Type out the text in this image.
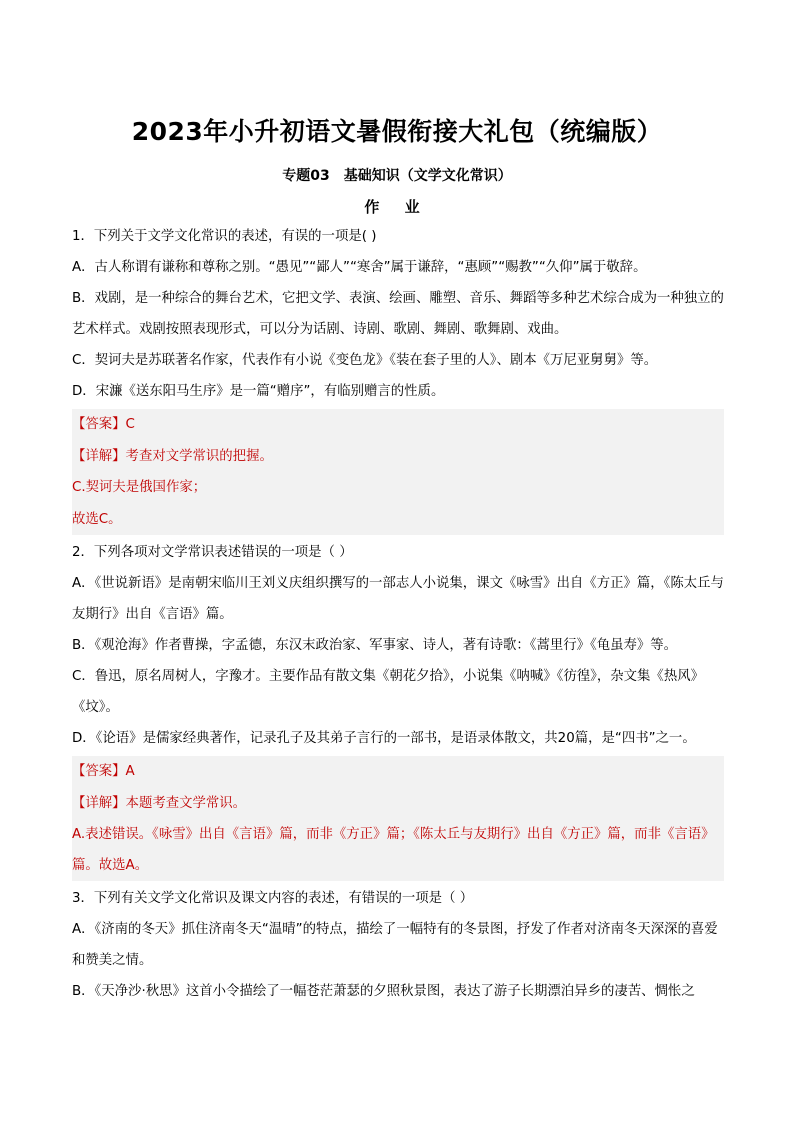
2023年小升初语文暑假衔接大礼包（统编版）
专题03 基础知识（文学文化常识）
作 业
1．下列关于文学文化常识的表述，有误的一项是( )
A．古人称谓有谦称和尊称之别。“愚见”“鄙人”“寒舍”属于谦辞，“惠顾”“赐教”“久仰”属于敬辞。
B．戏剧，是一种综合的舞台艺术，它把文学、表演、绘画、雕塑、音乐、舞蹈等多种艺术综合成为一种独立的艺术样式。戏剧按照表现形式，可以分为话剧、诗剧、歌剧、舞剧、歌舞剧、戏曲。
C．契诃夫是苏联著名作家，代表作有小说《变色龙》《装在套子里的人》、剧本《万尼亚舅舅》等。
D．宋濂《送东阳马生序》是一篇“赠序”，有临别赠言的性质。
【答案】C
【详解】考查对文学常识的把握。
C.契诃夫是俄国作家；
故选C。
2．下列各项对文学常识表述错误的一项是（ ）
A．《世说新语》是南朝宋临川王刘义庆组织撰写的一部志人小说集，课文《咏雪》出自《方正》篇，《陈太丘与友期行》出自《言语》篇。
B．《观沧海》作者曹操，字孟德，东汉末政治家、军事家、诗人，著有诗歌：《蒿里行》《龟虽寿》等。
C．鲁迅，原名周树人，字豫才。主要作品有散文集《朝花夕拾》，小说集《呐喊》《彷徨》，杂文集《热风》《坟》。
D．《论语》是儒家经典著作，记录孔子及其弟子言行的一部书，是语录体散文，共20篇，是“四书”之一。
【答案】A
【详解】本题考查文学常识。
A.表述错误。《咏雪》出自《言语》篇，而非《方正》篇；《陈太丘与友期行》出自《方正》篇，而非《言语》篇。故选A。
3．下列有关文学文化常识及课文内容的表述，有错误的一项是（ ）
A．《济南的冬天》抓住济南冬天“温晴”的特点，描绘了一幅特有的冬景图，抒发了作者对济南冬天深深的喜爱和赞美之情。
B．《天净沙·秋思》这首小令描绘了一幅苍茫萧瑟的夕照秋景图，表达了游子长期漂泊异乡的凄苦、惆怅之
